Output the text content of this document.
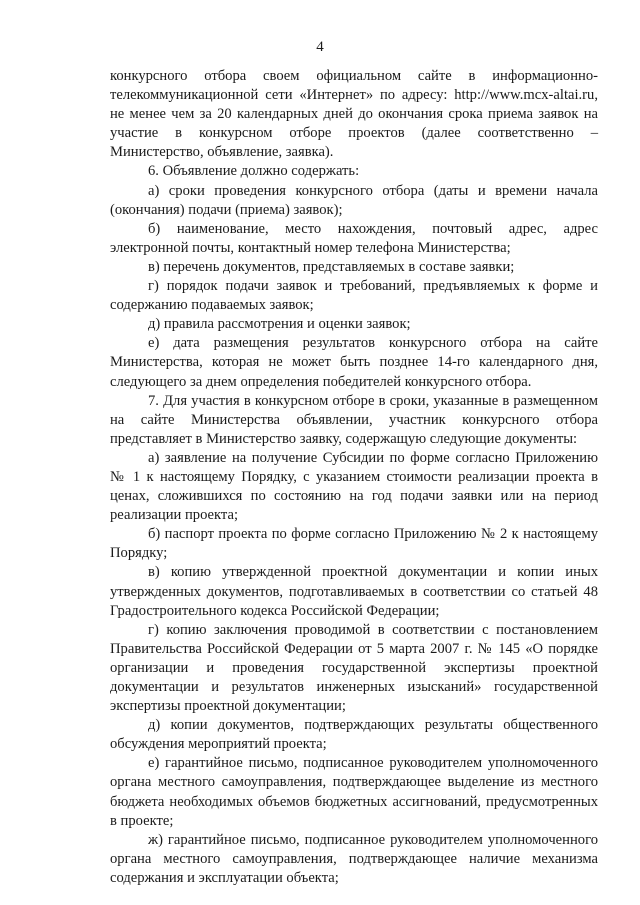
4

конкурсного отбора своем официальном сайте в информационно-телекоммуникационной сети «Интернет» по адресу: http://www.mcx-altai.ru, не менее чем за 20 календарных дней до окончания срока приема заявок на участие в конкурсном отборе проектов (далее соответственно – Министерство, объявление, заявка).

6. Объявление должно содержать:

а) сроки проведения конкурсного отбора (даты и времени начала (окончания) подачи (приема) заявок);

б) наименование, место нахождения, почтовый адрес, адрес электронной почты, контактный номер телефона Министерства;

в) перечень документов, представляемых в составе заявки;

г) порядок подачи заявок и требований, предъявляемых к форме и содержанию подаваемых заявок;

д) правила рассмотрения и оценки заявок;

е) дата размещения результатов конкурсного отбора на сайте Министерства, которая не может быть позднее 14-го календарного дня, следующего за днем определения победителей конкурсного отбора.

7. Для участия в конкурсном отборе в сроки, указанные в размещенном на сайте Министерства объявлении, участник конкурсного отбора представляет в Министерство заявку, содержащую следующие документы:

а) заявление на получение Субсидии по форме согласно Приложению № 1 к настоящему Порядку, с указанием стоимости реализации проекта в ценах, сложившихся по состоянию на год подачи заявки или на период реализации проекта;

б) паспорт проекта по форме согласно Приложению № 2 к настоящему Порядку;

в) копию утвержденной проектной документации и копии иных утвержденных документов, подготавливаемых в соответствии со статьей 48 Градостроительного кодекса Российской Федерации;

г) копию заключения проводимой в соответствии с постановлением Правительства Российской Федерации от 5 марта 2007 г. № 145 «О порядке организации и проведения государственной экспертизы проектной документации и результатов инженерных изысканий» государственной экспертизы проектной документации;

д) копии документов, подтверждающих результаты общественного обсуждения мероприятий проекта;

е) гарантийное письмо, подписанное руководителем уполномоченного органа местного самоуправления, подтверждающее выделение из местного бюджета необходимых объемов бюджетных ассигнований, предусмотренных в проекте;

ж) гарантийное письмо, подписанное руководителем уполномоченного органа местного самоуправления, подтверждающее наличие механизма содержания и эксплуатации объекта;
